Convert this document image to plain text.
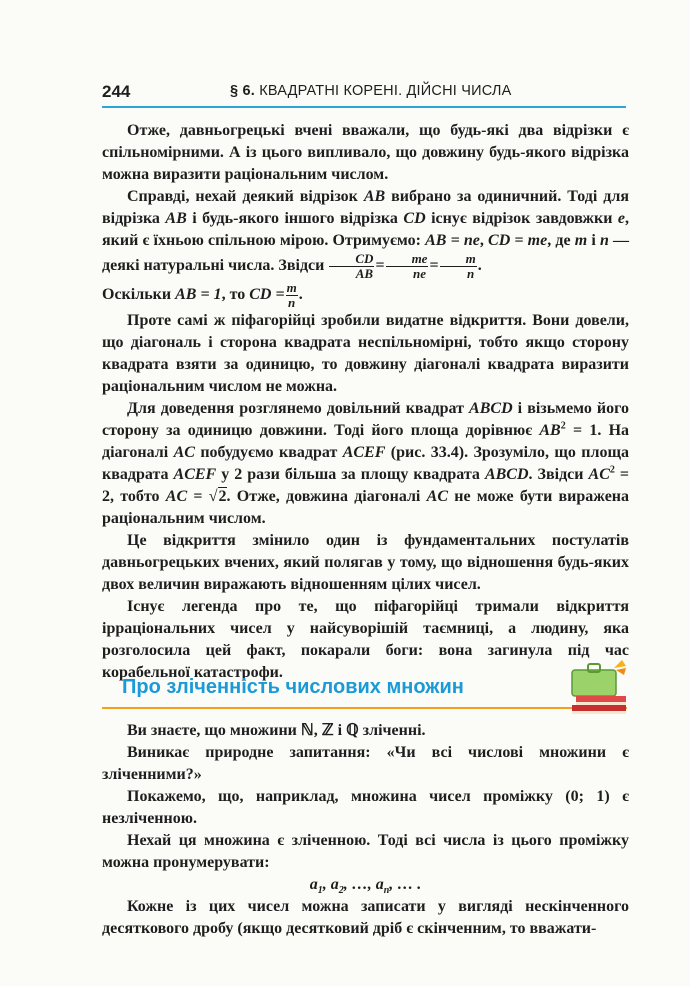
244	§ 6. КВАДРАТНІ КОРЕНІ. ДІЙСНІ ЧИСЛА

Отже, давньогрецькі вчені вважали, що будь-які два відрізки є спільномірними. А із цього випливало, що довжину будь-якого відрізка можна виразити раціональним числом.

Справді, нехай деякий відрізок AB вибрано за одиничний. Тоді для відрізка AB і будь-якого іншого відрізка CD існує відрізок завдовжки e, який є їхньою спільною мірою. Отримуємо: AB = ne, CD = me, де m і n — деякі натуральні числа. Звідси $\frac{CD}{AB} = \frac{me}{ne} = \frac{m}{n}$ .

Оскільки AB = 1, то CD = $\frac{m}{n}$ .

Проте самі ж піфагорійці зробили видатне відкриття. Вони довели, що діагональ і сторона квадрата неспільномірні, тобто якщо сторону квадрата взяти за одиницю, то довжину діагоналі квадрата виразити раціональним числом не можна.

Для доведення розглянемо довільний квадрат ABCD і візьмемо його сторону за одиницю довжини. Тоді його площа дорівнює $AB^2 = 1$. На діагоналі AC побудуємо квадрат ACEF (рис. 33.4). Зрозуміло, що площа квадрата ACEF у 2 рази більша за площу квадрата ABCD. Звідси $AC^2 = 2$, тобто AC = √2. Отже, довжина діагоналі AC не може бути виражена раціональним числом.

Це відкриття змінило один із фундаментальних постулатів давньогрецьких вчених, який полягав у тому, що відношення будь-яких двох величин виражають відношенням цілих чисел.

Існує легенда про те, що піфагорійці тримали відкриття ірраціональних чисел у найсуворішій таємниці, а людину, яка розголосила цей факт, покарали боги: вона загинула під час корабельної катастрофи.

Про зліченність числових множин

Ви знаєте, що множини ℕ, ℤ і ℚ зліченні.

Виникає природне запитання: «Чи всі числові множини є зліченними?»

Покажемо, що, наприклад, множина чисел проміжку (0; 1) є незліченною.

Нехай ця множина є зліченною. Тоді всі числа із цього проміжку можна пронумерувати:

$a_1$, $a_2$, …, $a_n$, … .

Кожне із цих чисел можна записати у вигляді нескінченного десяткового дробу (якщо десятковий дріб є скінченним, то вважати-
